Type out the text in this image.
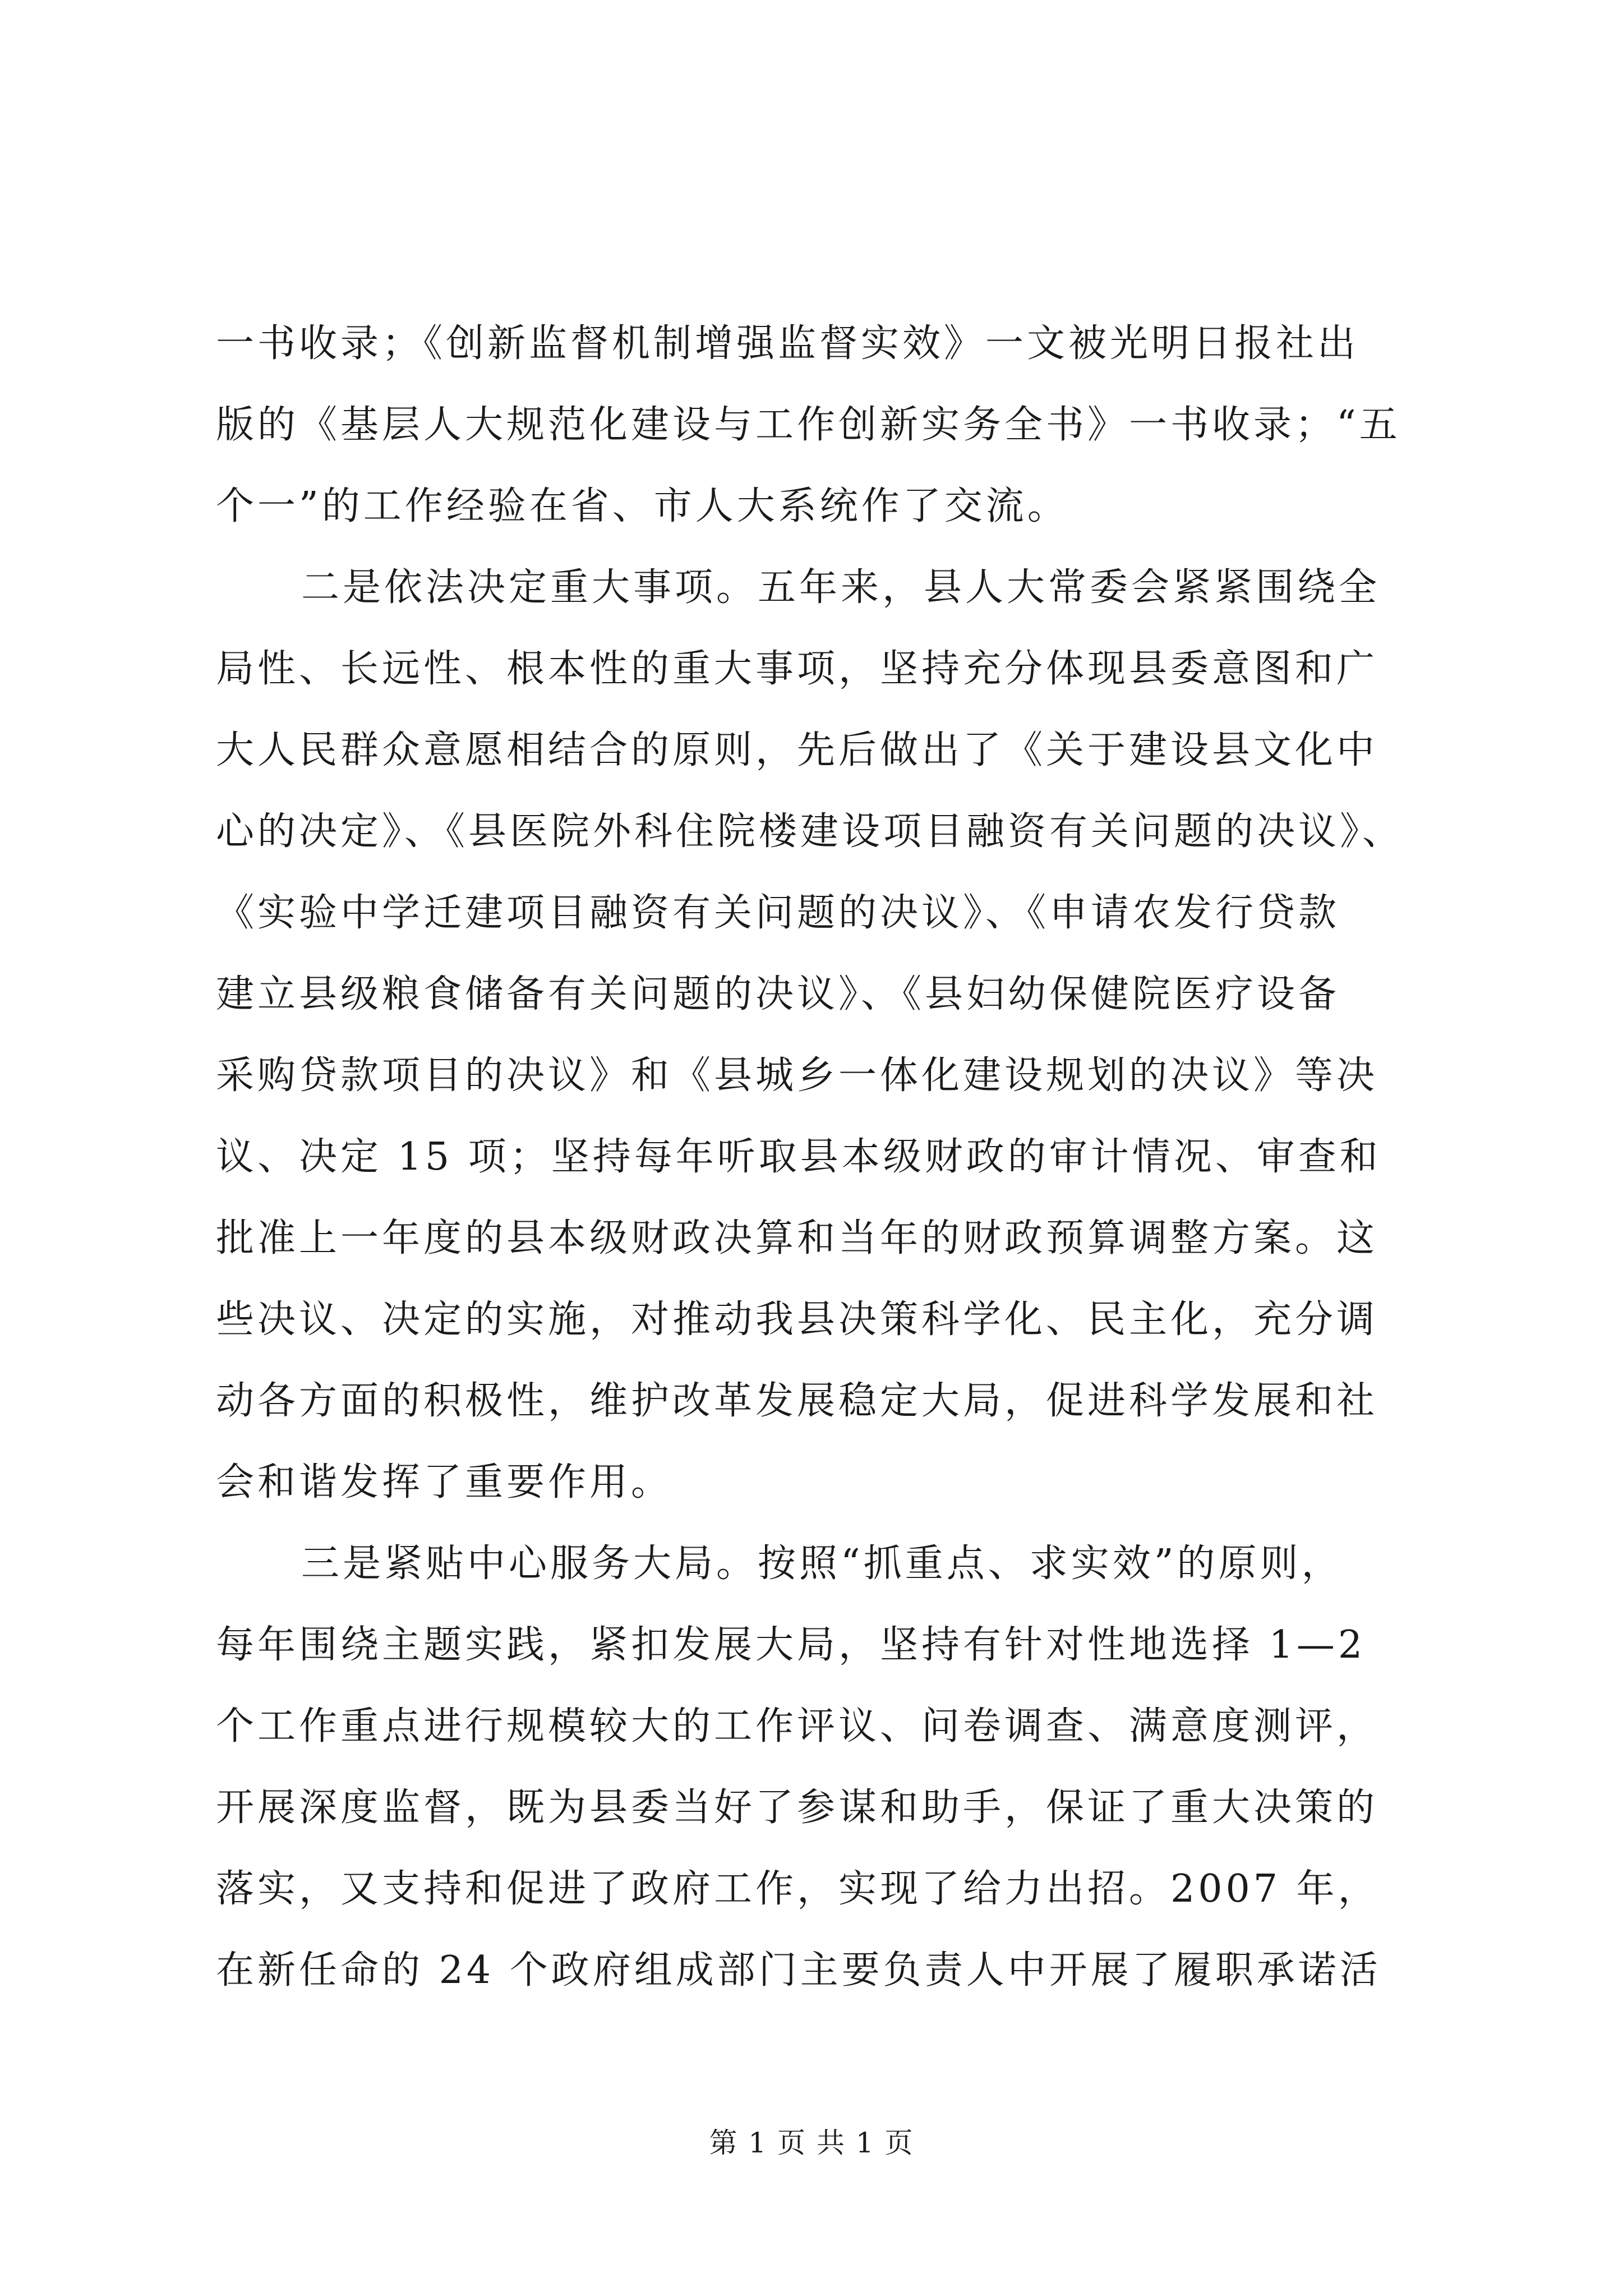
一书收录；《创新监督机制增强监督实效》一文被光明日报社出
版的《基层人大规范化建设与工作创新实务全书》一书收录；“五
个一”的工作经验在省、市人大系统作了交流。
二是依法决定重大事项。五年来，县人大常委会紧紧围绕全
局性、长远性、根本性的重大事项，坚持充分体现县委意图和广
大人民群众意愿相结合的原则，先后做出了《关于建设县文化中
心的决定》、《县医院外科住院楼建设项目融资有关问题的决议》、
《实验中学迁建项目融资有关问题的决议》、《申请农发行贷款
建立县级粮食储备有关问题的决议》、《县妇幼保健院医疗设备
采购贷款项目的决议》和《县城乡一体化建设规划的决议》等决
议、决定 15 项；坚持每年听取县本级财政的审计情况、审查和
批准上一年度的县本级财政决算和当年的财政预算调整方案。这
些决议、决定的实施，对推动我县决策科学化、民主化，充分调
动各方面的积极性，维护改革发展稳定大局，促进科学发展和社
会和谐发挥了重要作用。
三是紧贴中心服务大局。按照“抓重点、求实效”的原则，
每年围绕主题实践，紧扣发展大局，坚持有针对性地选择 1—2
个工作重点进行规模较大的工作评议、问卷调查、满意度测评，
开展深度监督，既为县委当好了参谋和助手，保证了重大决策的
落实，又支持和促进了政府工作，实现了给力出招。2007 年，
在新任命的 24 个政府组成部门主要负责人中开展了履职承诺活
第 1 页 共 1 页
